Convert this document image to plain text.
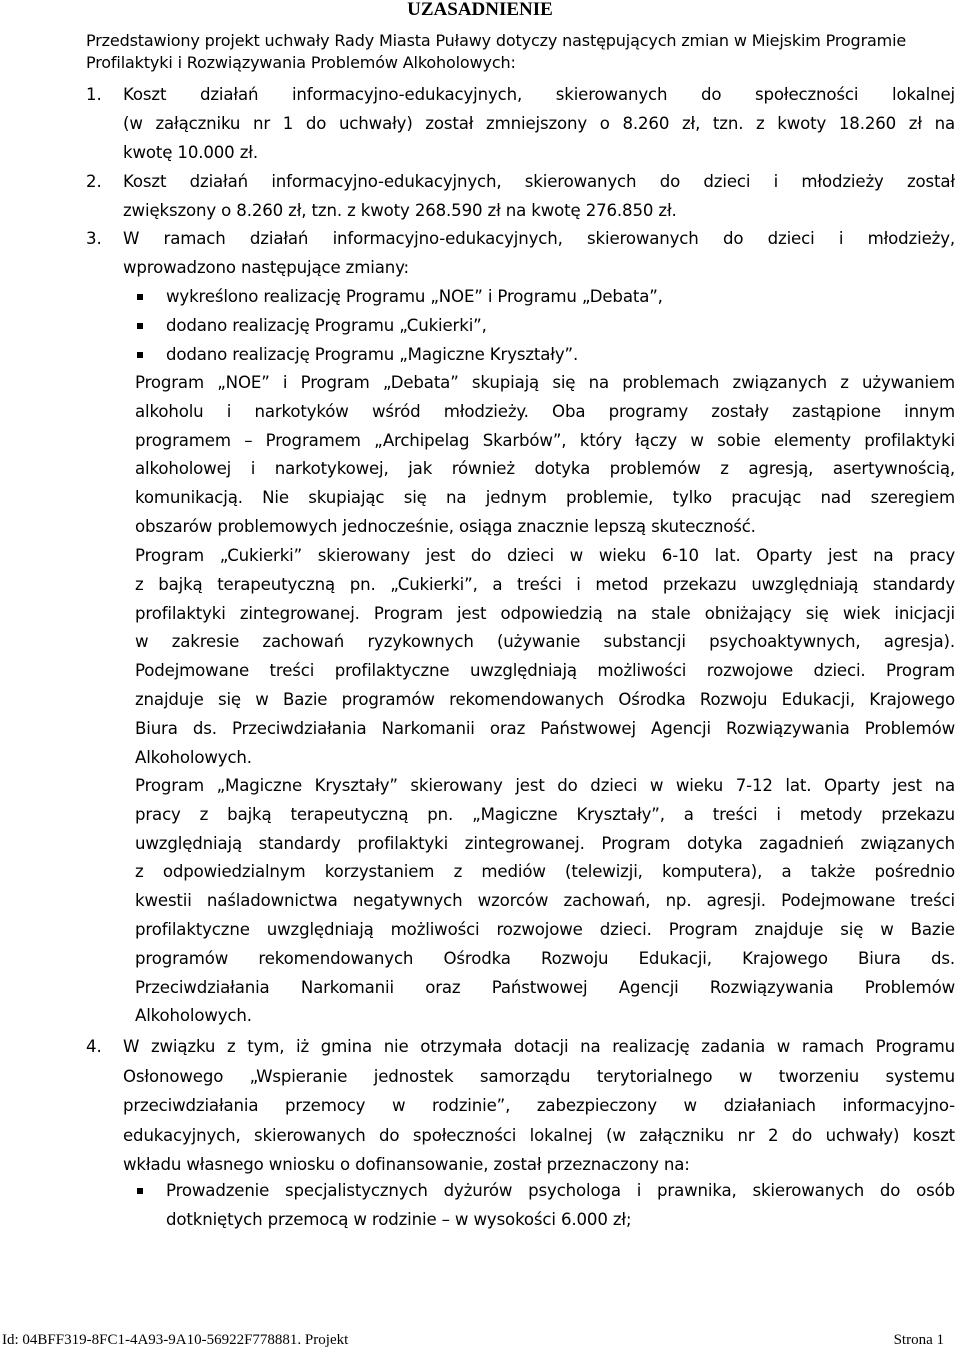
UZASADNIENIE
Przedstawiony projekt uchwały Rady Miasta Puławy dotyczy następujących zmian w Miejskim Programie
Profilaktyki i Rozwiązywania Problemów Alkoholowych:
1. Koszt działań informacyjno-edukacyjnych, skierowanych do społeczności lokalnej
(w załączniku nr 1 do uchwały) został zmniejszony o 8.260 zł, tzn. z kwoty 18.260 zł na
kwotę 10.000 zł.
2. Koszt działań informacyjno-edukacyjnych, skierowanych do dzieci i młodzieży został
zwiększony o 8.260 zł, tzn. z kwoty 268.590 zł na kwotę 276.850 zł.
3. W ramach działań informacyjno-edukacyjnych, skierowanych do dzieci i młodzieży,
wprowadzono następujące zmiany:
wykreślono realizację Programu „NOE” i Programu „Debata”,
dodano realizację Programu „Cukierki”,
dodano realizację Programu „Magiczne Kryształy”.
Program „NOE” i Program „Debata” skupiają się na problemach związanych z używaniem
alkoholu i narkotyków wśród młodzieży. Oba programy zostały zastąpione innym
programem – Programem „Archipelag Skarbów”, który łączy w sobie elementy profilaktyki
alkoholowej i narkotykowej, jak również dotyka problemów z agresją, asertywnością,
komunikacją. Nie skupiając się na jednym problemie, tylko pracując nad szeregiem
obszarów problemowych jednocześnie, osiąga znacznie lepszą skuteczność.
Program „Cukierki” skierowany jest do dzieci w wieku 6-10 lat. Oparty jest na pracy
z bajką terapeutyczną pn. „Cukierki”, a treści i metod przekazu uwzględniają standardy
profilaktyki zintegrowanej. Program jest odpowiedzią na stale obniżający się wiek inicjacji
w zakresie zachowań ryzykownych (używanie substancji psychoaktywnych, agresja).
Podejmowane treści profilaktyczne uwzględniają możliwości rozwojowe dzieci. Program
znajduje się w Bazie programów rekomendowanych Ośrodka Rozwoju Edukacji, Krajowego
Biura ds. Przeciwdziałania Narkomanii oraz Państwowej Agencji Rozwiązywania Problemów
Alkoholowych.
Program „Magiczne Kryształy” skierowany jest do dzieci w wieku 7-12 lat. Oparty jest na
pracy z bajką terapeutyczną pn. „Magiczne Kryształy”, a treści i metody przekazu
uwzględniają standardy profilaktyki zintegrowanej. Program dotyka zagadnień związanych
z odpowiedzialnym korzystaniem z mediów (telewizji, komputera), a także pośrednio
kwestii naśladownictwa negatywnych wzorców zachowań, np. agresji. Podejmowane treści
profilaktyczne uwzględniają możliwości rozwojowe dzieci. Program znajduje się w Bazie
programów rekomendowanych Ośrodka Rozwoju Edukacji, Krajowego Biura ds.
Przeciwdziałania Narkomanii oraz Państwowej Agencji Rozwiązywania Problemów
Alkoholowych.
4. W związku z tym, iż gmina nie otrzymała dotacji na realizację zadania w ramach Programu
Osłonowego „Wspieranie jednostek samorządu terytorialnego w tworzeniu systemu
przeciwdziałania przemocy w rodzinie”, zabezpieczony w działaniach informacyjno-
edukacyjnych, skierowanych do społeczności lokalnej (w załączniku nr 2 do uchwały) koszt
wkładu własnego wniosku o dofinansowanie, został przeznaczony na:
Prowadzenie specjalistycznych dyżurów psychologa i prawnika, skierowanych do osób
dotkniętych przemocą w rodzinie – w wysokości 6.000 zł;
Id: 04BFF319-8FC1-4A93-9A10-56922F778881. Projekt	Strona 1
